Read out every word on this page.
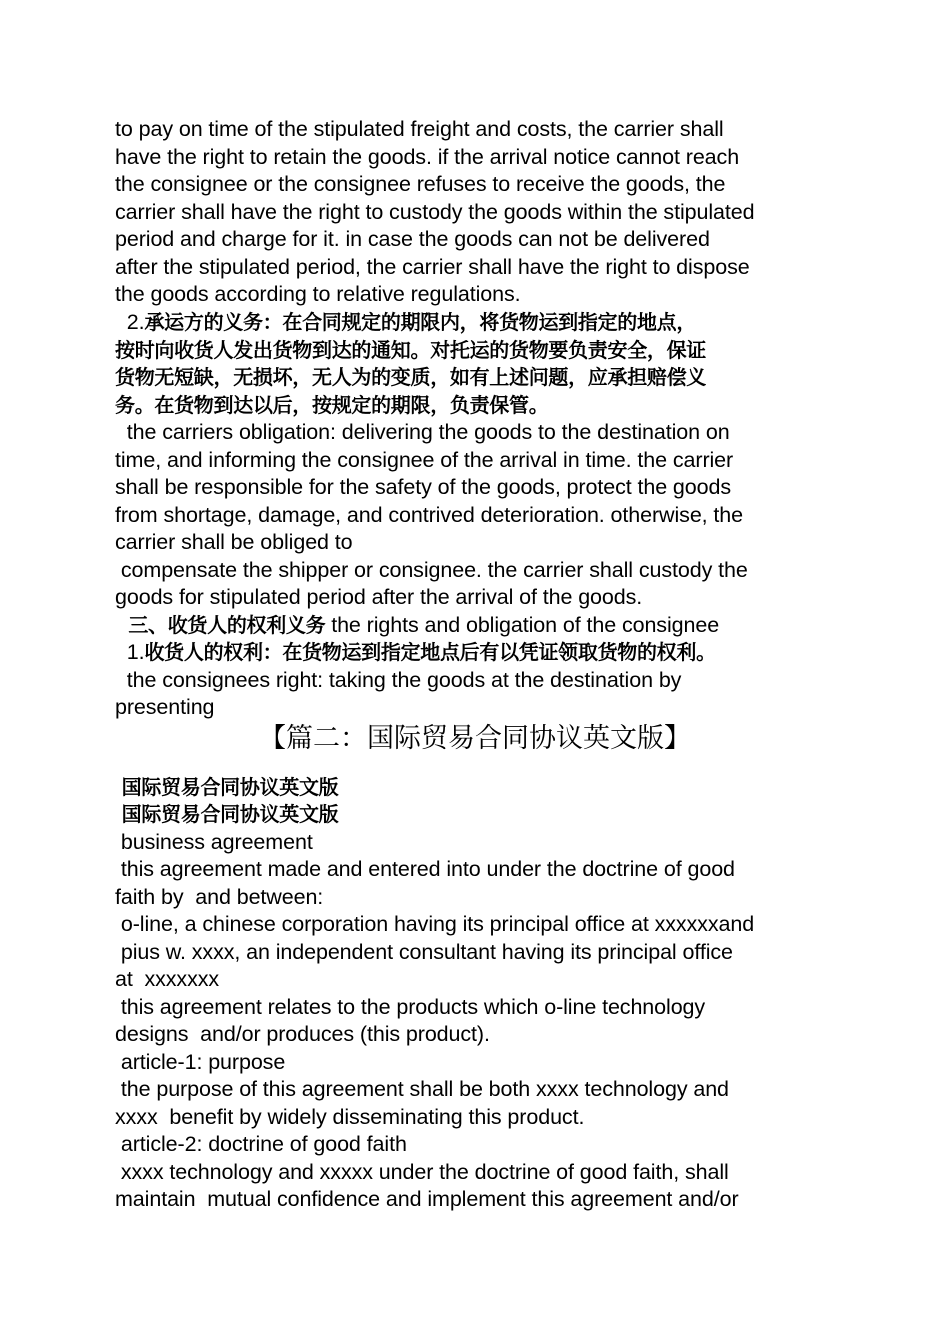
to pay on time of the stipulated freight and costs, the carrier shall
have the right to retain the goods. if the arrival notice cannot reach
the consignee or the consignee refuses to receive the goods, the
carrier shall have the right to custody the goods within the stipulated
period and charge for it. in case the goods can not be delivered
after the stipulated period, the carrier shall have the right to dispose
the goods according to relative regulations.
2.承运方的义务：在合同规定的期限内，将货物运到指定的地点，
按时向收货人发出货物到达的通知。对托运的货物要负责安全，保证
货物无短缺，无损坏，无人为的变质，如有上述问题，应承担赔偿义
务。在货物到达以后，按规定的期限，负责保管。
the carriers obligation: delivering the goods to the destination on
time, and informing the consignee of the arrival in time. the carrier
shall be responsible for the safety of the goods, protect the goods
from shortage, damage, and contrived deterioration. otherwise, the
carrier shall be obliged to
compensate the shipper or consignee. the carrier shall custody the
goods for stipulated period after the arrival of the goods.
三、收货人的权利义务 the rights and obligation of the consignee
1.收货人的权利：在货物运到指定地点后有以凭证领取货物的权利。
the consignees right: taking the goods at the destination by
presenting
【篇二：国际贸易合同协议英文版】
国际贸易合同协议英文版
国际贸易合同协议英文版
business agreement
this agreement made and entered into under the doctrine of good
faith by  and between:
o-line, a chinese corporation having its principal office at xxxxxxand
pius w. xxxx, an independent consultant having its principal office
at  xxxxxxx
this agreement relates to the products which o-line technology
designs  and/or produces (this product).
article-1: purpose
the purpose of this agreement shall be both xxxx technology and
xxxx  benefit by widely disseminating this product.
article-2: doctrine of good faith
xxxx technology and xxxxx under the doctrine of good faith, shall
maintain  mutual confidence and implement this agreement and/or
